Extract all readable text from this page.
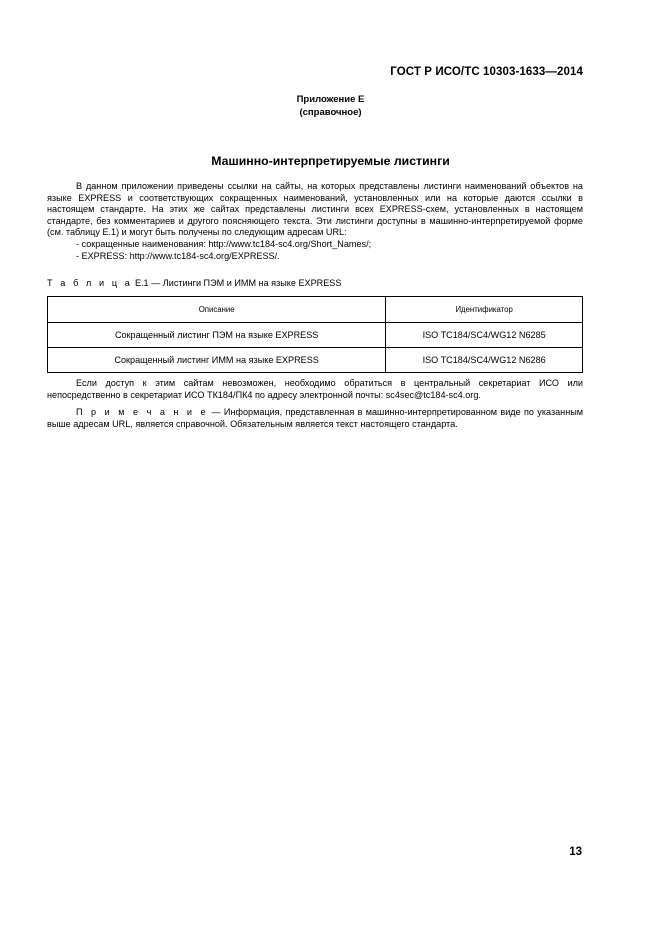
ГОСТ Р ИСО/ТС 10303-1633—2014
Приложение Е
(справочное)
Машинно-интерпретируемые листинги

В данном приложении приведены ссылки на сайты, на которых представлены листинги наименований объектов на языке EXPRESS и соответствующих сокращенных наименований, установленных или на которые даются ссылки в настоящем стандарте. На этих же сайтах представлены листинги всех EXPRESS-схем, установленных в настоящем стандарте, без комментариев и другого поясняющего текста. Эти листинги доступны в машинно-интерпретируемой форме (см. таблицу Е.1) и могут быть получены по следующим адресам URL:

- сокращенные наименования: http://www.tc184-sc4.org/Short_Names/;

- EXPRESS: http://www.tc184-sc4.org/EXPRESS/.

Т а б л и ц а Е.1 — Листинги ПЭМ и ИММ на языке EXPRESS
Описание	Идентификатор
Сокращенный листинг ПЭМ на языке EXPRESS	ISO TC184/SC4/WG12 N6285
Сокращенный листинг ИММ на языке EXPRESS	ISO TC184/SC4/WG12 N6286

Если доступ к этим сайтам невозможен, необходимо обратиться в центральный секретариат ИСО или непосредственно в секретариат ИСО ТК184/ПК4 по адресу электронной почты: sc4sec@tc184-sc4.org.

П р и м е ч а н и е — Информация, представленная в машинно-интерпретированном виде по указанным выше адресам URL, является справочной. Обязательным является текст настоящего стандарта.

13
